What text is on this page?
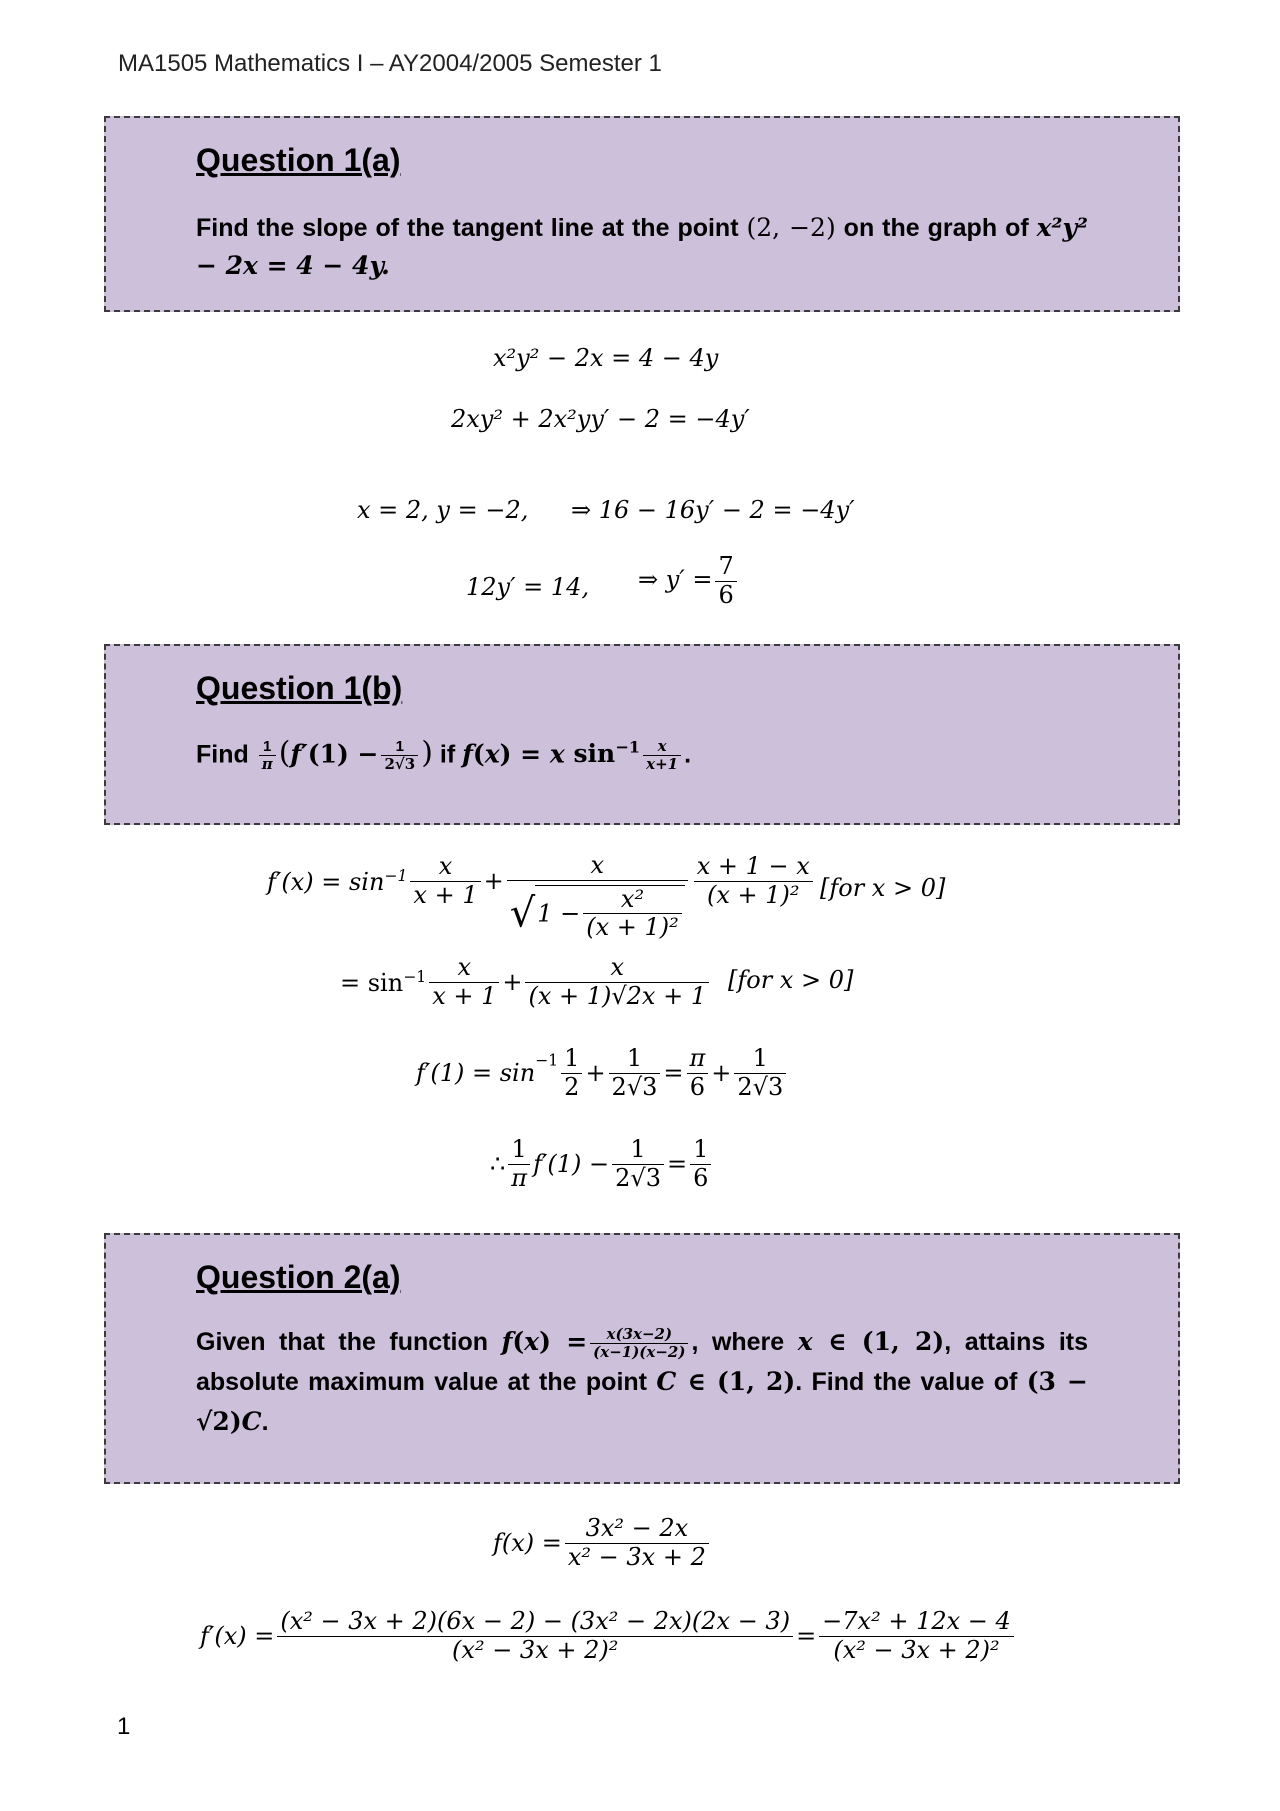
MA1505 Mathematics I – AY2004/2005 Semester 1
Question 1(a)
Find the slope of the tangent line at the point (2, −2) on the graph of x²y² − 2x = 4 − 4y.
x²y² − 2x = 4 − 4y
2xy² + 2x²yy′ − 2 = −4y′
x = 2, y = −2, ⇒ 16 − 16y′ − 2 = −4y′
12y′ = 14, ⇒ $y' = \frac{7}{6}$
Question 1(b)
Find $\frac{1}{\pi} (f'(1) - \frac{1}{2√3}$ ) if f(x) = x $\sin^{-1} \frac{x}{x+1}$ .
$f'(x) = \sin^{-1} \frac{x}{x + 1} + \frac{x}{√1 - \frac{\text{x²}}{\text{(x + 1)²}}} \frac{x + 1 - x}{\text{(x + 1)²}} [for$ x > 0]
= $\sin^{-1} \frac{x}{x + 1} + \frac{x}{(x + 1)√2x + 1} [for$ x > 0]
$f'(1) = \sin^{-1} \frac{1}{2} + \frac{1}{2√3} = \frac{\pi}{6} + \frac{1}{2√3}$
∴ $\frac{1}{\pi} f'(1) - \frac{1}{2√3} = \frac{1}{6}$
Question 2(a)
Given that the function $f(x) = \frac{x(3x-2)}{(x-1)(x-2)}$ , where x ∈ (1, 2), attains its absolute maximum value at the point C ∈ (1, 2). Find the value of (3 − √2)C.
$f(x) = \frac{\text{3x² − 2x}}{\text{x² − 3x + 2}}$
$f'(x) = \frac{\text{(x² − 3x + 2)(6x − 2) − (3x² − 2x)(2x − 3)}}{\text{(x² − 3x + 2)²}} = \frac{\text{−7x² + 12x − 4}}{\text{(x² − 3x + 2)²}}$
1
